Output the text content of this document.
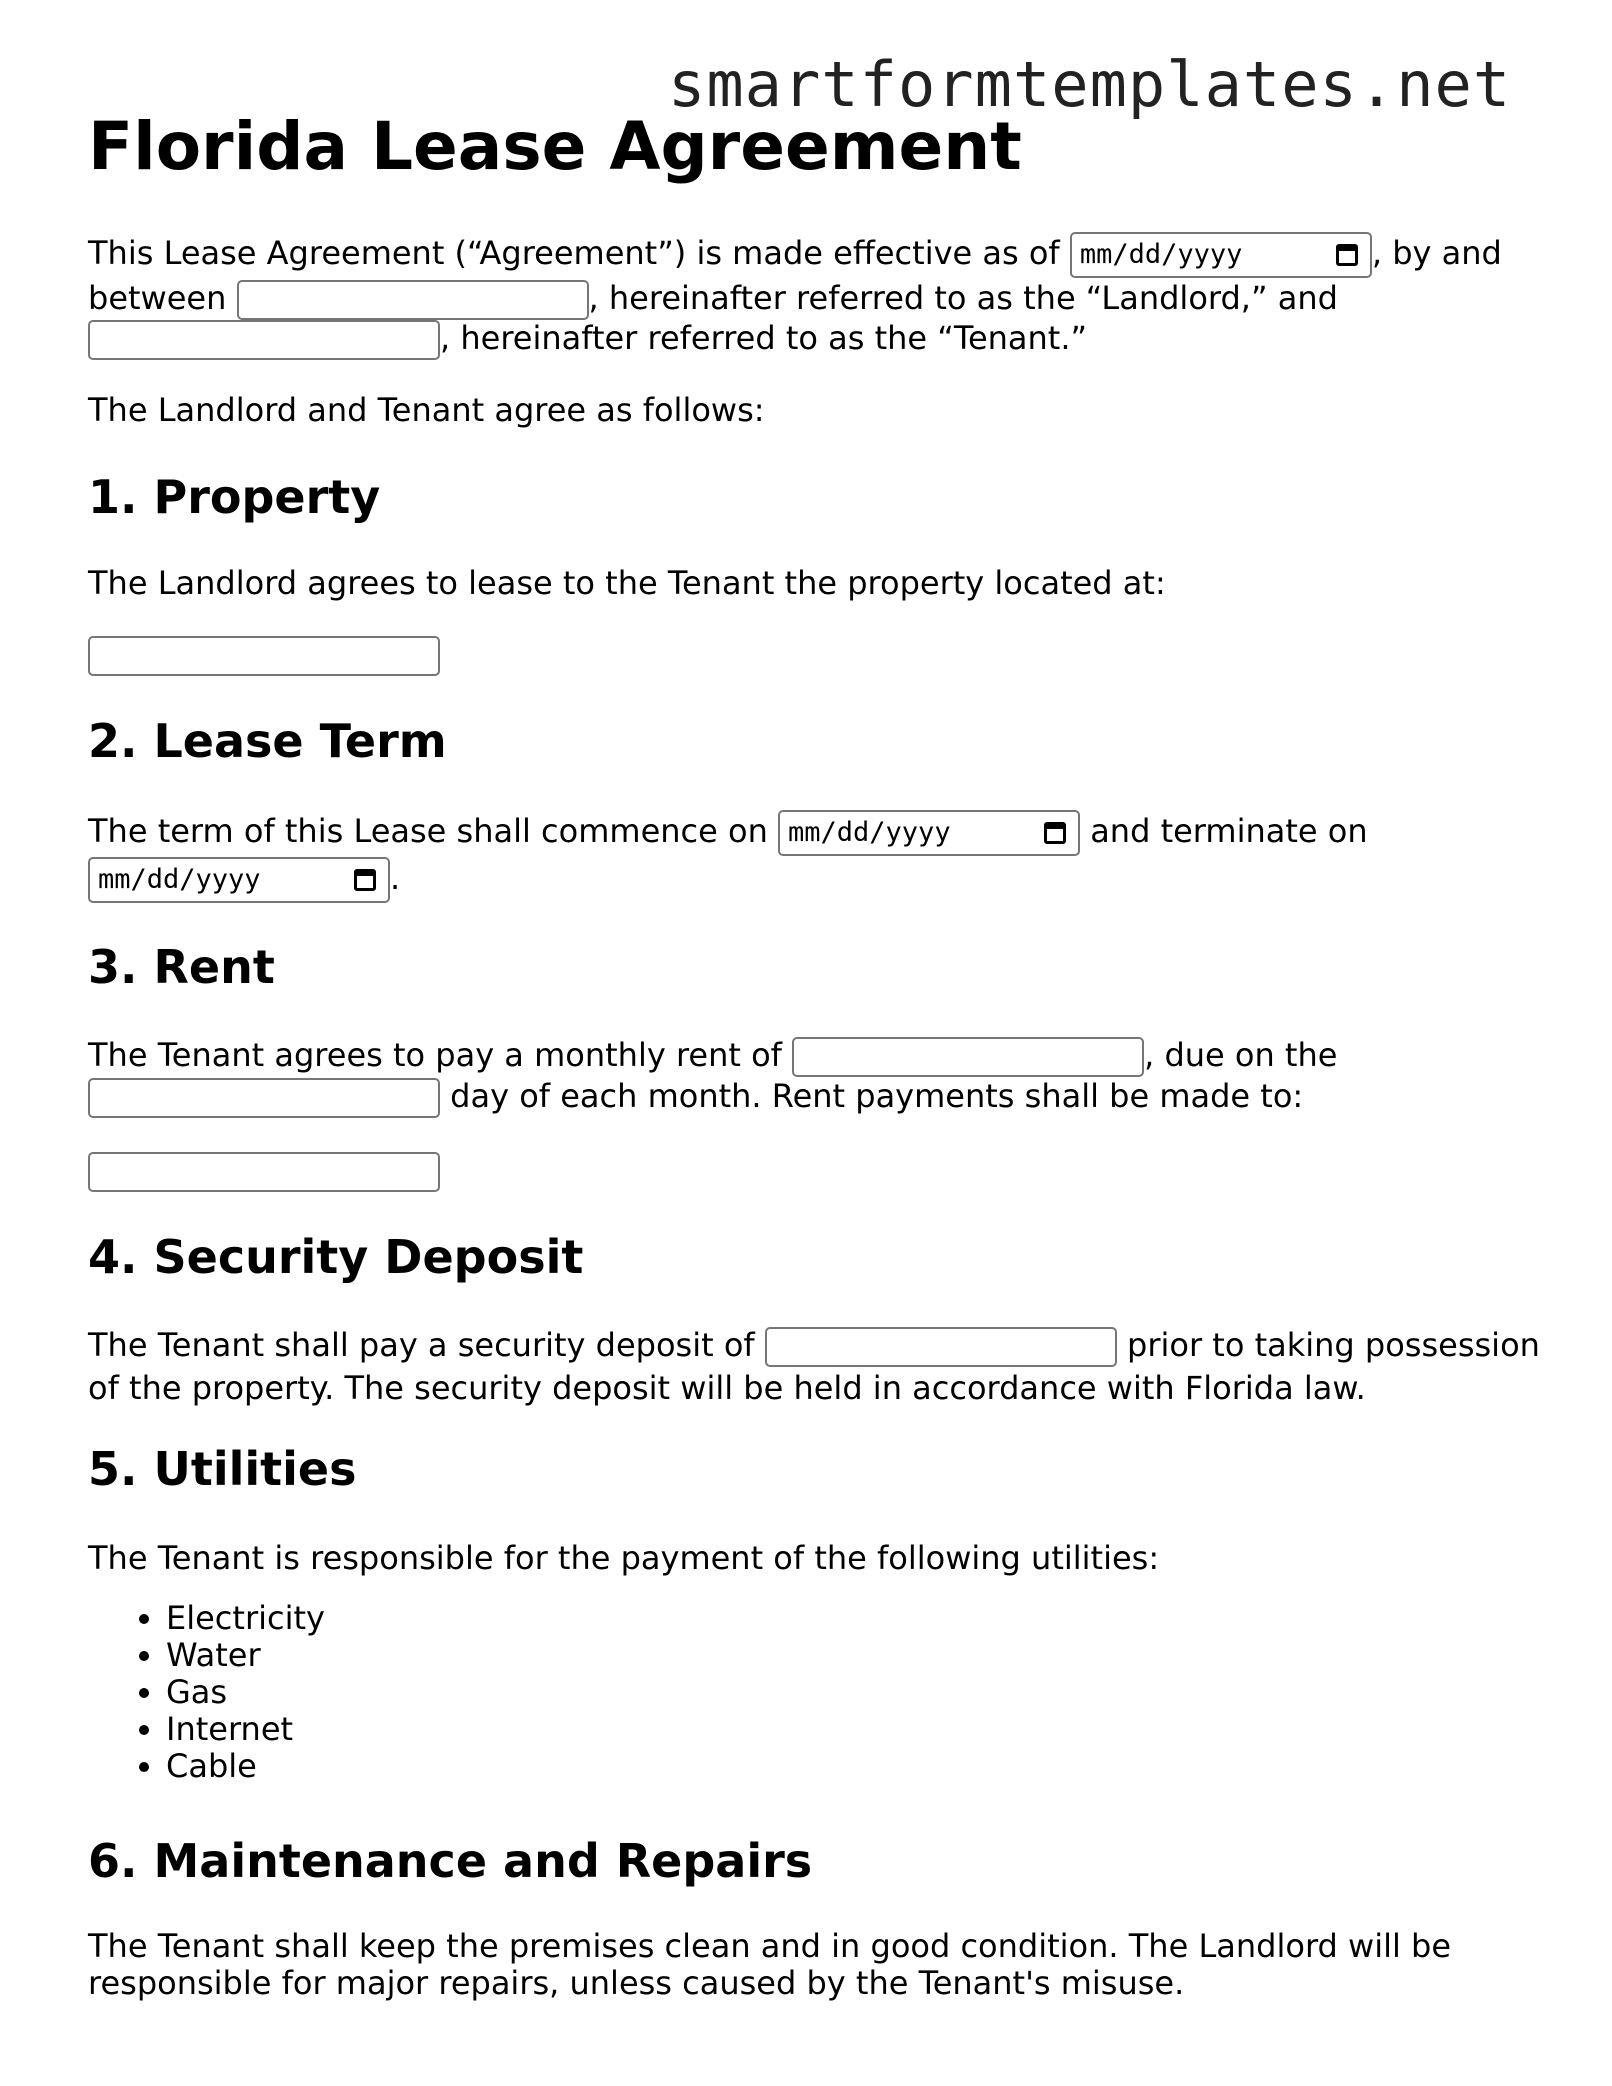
smartformtemplates.net
Florida Lease Agreement
This Lease Agreement (“Agreement”) is made effective as of mm/dd/yyyy	, by and
between	, hereinafter referred to as the “Landlord,” and
, hereinafter referred to as the “Tenant.”
The Landlord and Tenant agree as follows:
1. Property
The Landlord agrees to lease to the Tenant the property located at:
2. Lease Term
The term of this Lease shall commence on mm/dd/yyyy	and terminate on
mm/dd/yyyy	.
3. Rent
The Tenant agrees to pay a monthly rent of	, due on the
day of each month. Rent payments shall be made to:
4. Security Deposit
The Tenant shall pay a security deposit of	prior to taking possession
of the property. The security deposit will be held in accordance with Florida law.
5. Utilities
The Tenant is responsible for the payment of the following utilities:
• Electricity
• Water
• Gas
• Internet
• Cable
6. Maintenance and Repairs
The Tenant shall keep the premises clean and in good condition. The Landlord will be responsible for major repairs, unless caused by the Tenant's misuse.
